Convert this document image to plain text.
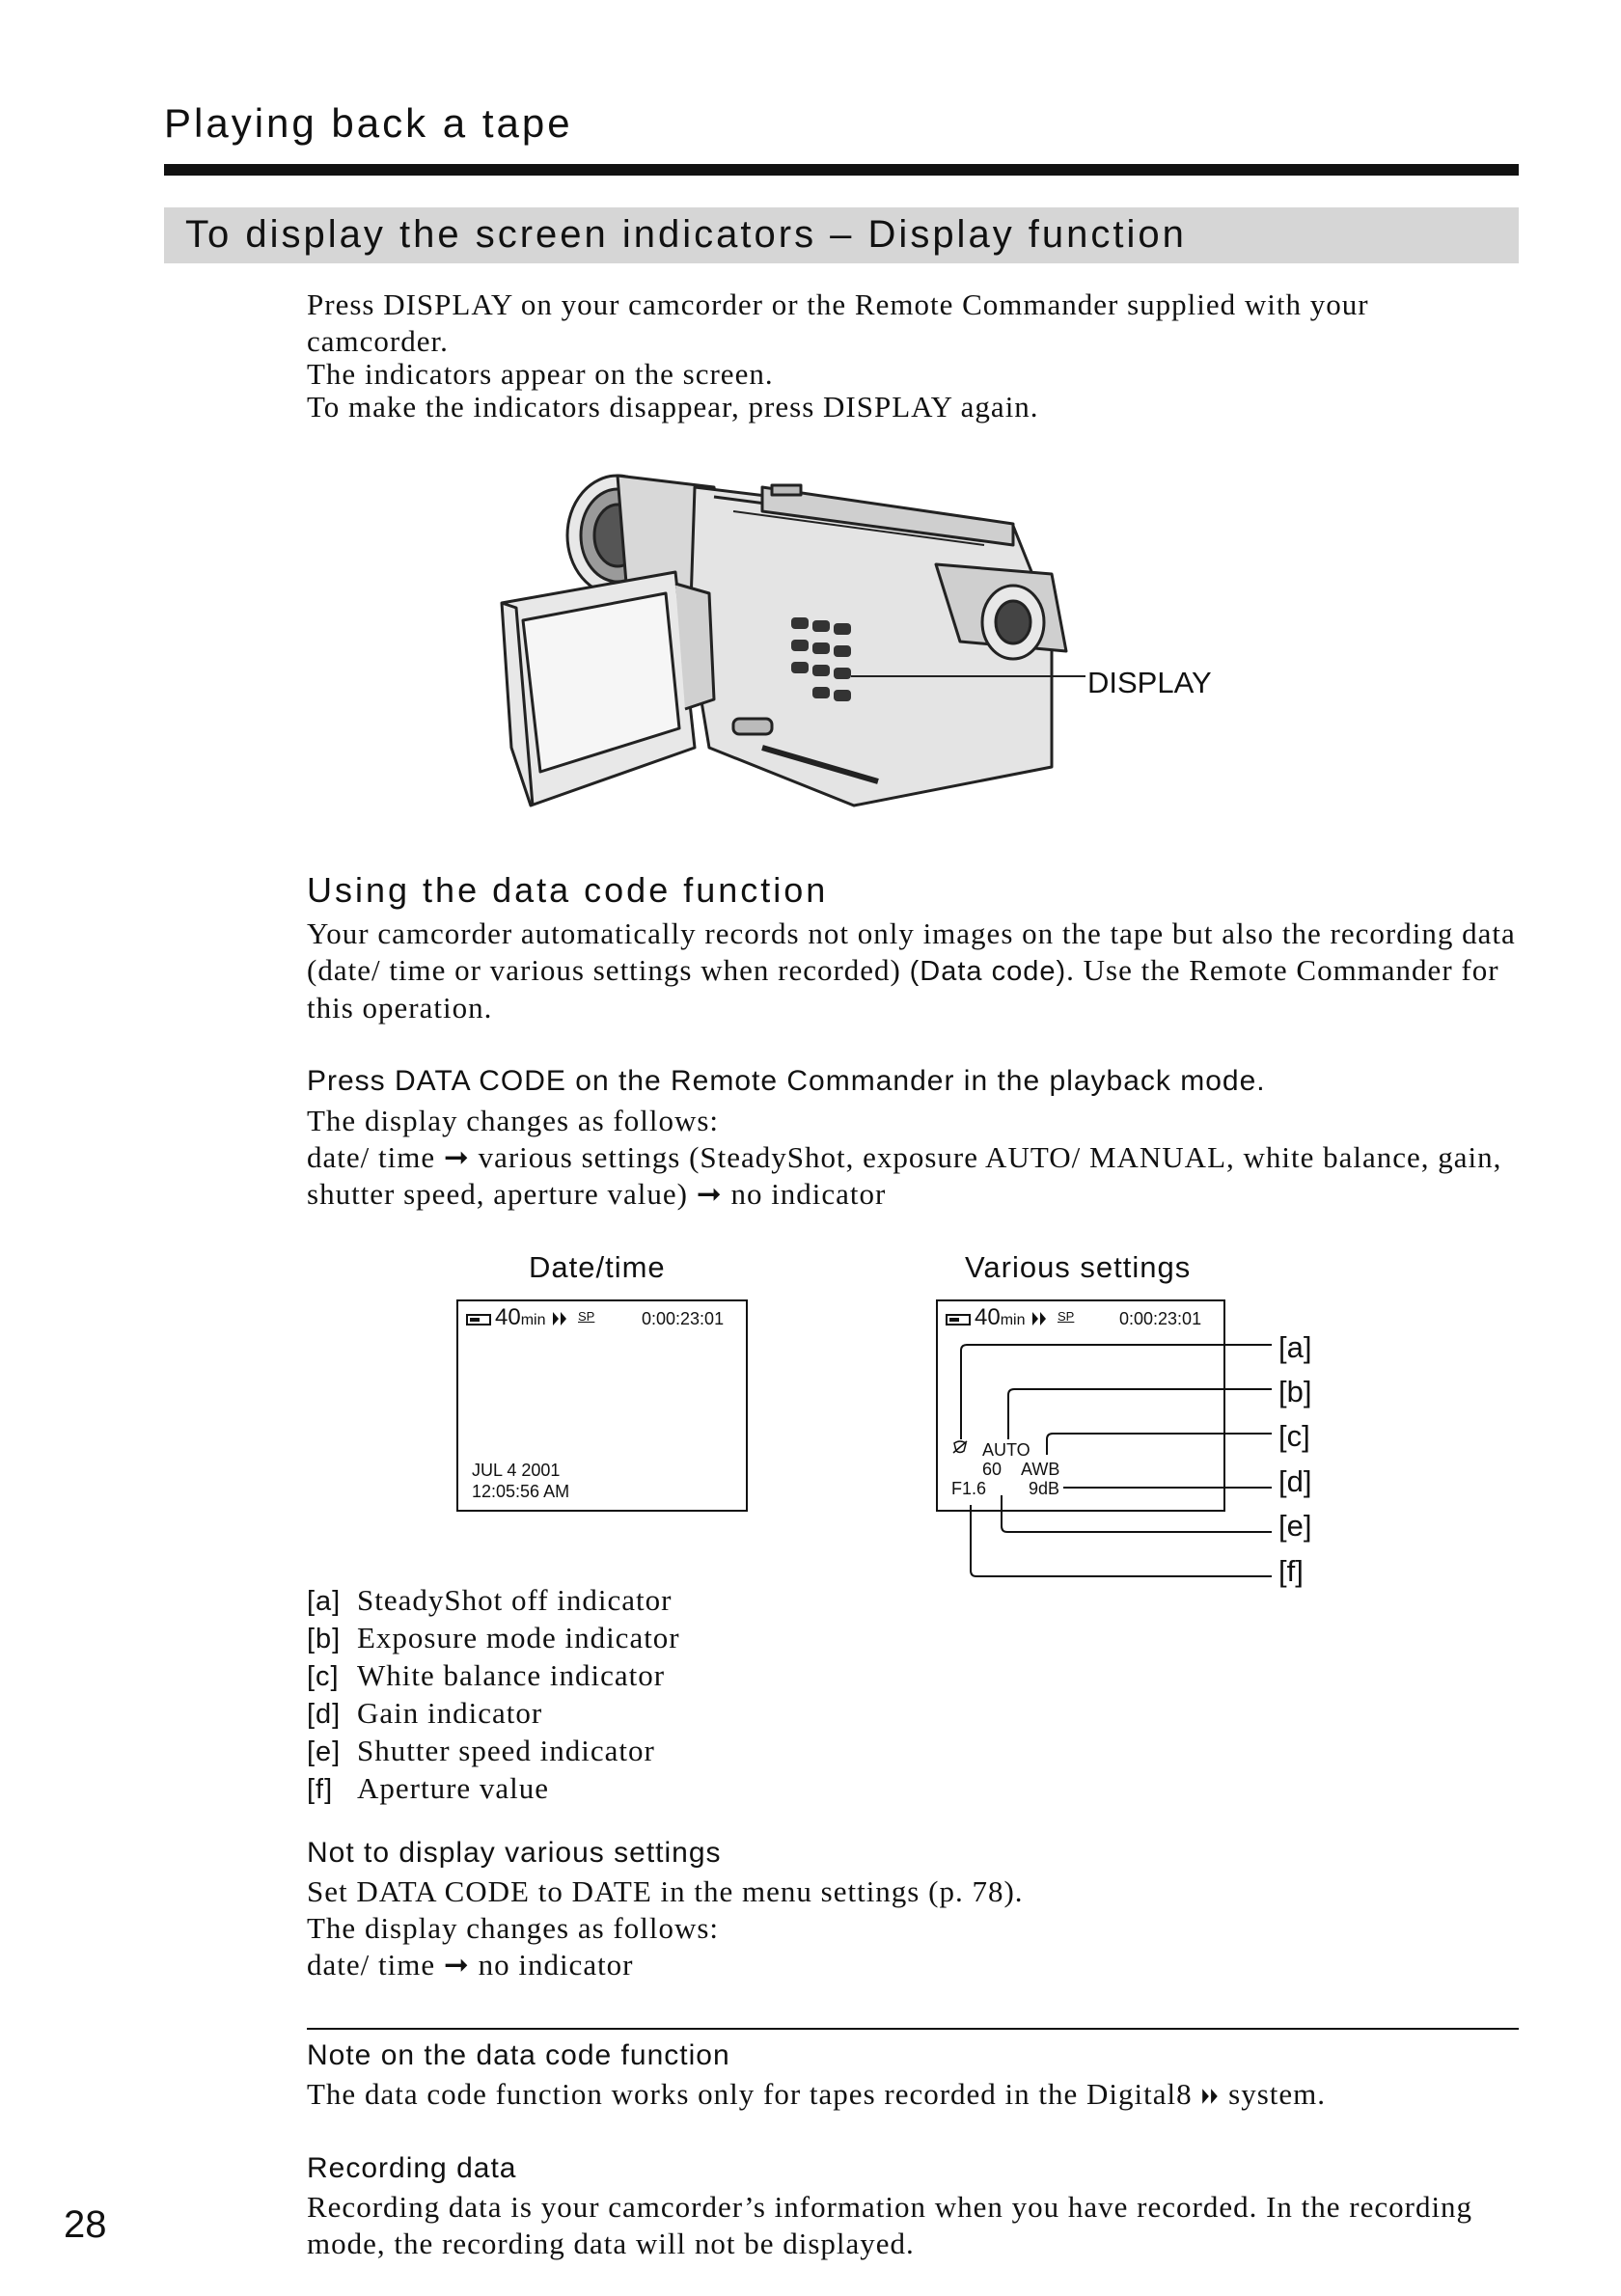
Playing back a tape
To display the screen indicators – Display function

Press DISPLAY on your camcorder or the Remote Commander supplied with your camcorder.

The indicators appear on the screen.

To make the indicators disappear, press DISPLAY again.

DISPLAY
Using the data code function

Your camcorder automatically records not only images on the tape but also the recording data (date/ time or various settings when recorded) (Data code). Use the Remote Commander for this operation.

Press DATA CODE on the Remote Commander in the playback mode.

The display changes as follows:

date/ time ➞ various settings (SteadyShot, exposure AUTO/ MANUAL, white balance, gain, shutter speed, aperture value) ➞ no indicator

Date/time	Various settings
40min	SP	0:00:23:01
JUL 4 2001
12:05:56 AM
40min	SP	0:00:23:01
AUTO
60 AWB
F1.6 9dB
[a]
[b]
[c]
[d]
[e]
[f]
[a] SteadyShot off indicator
[b] Exposure mode indicator
[c] White balance indicator
[d] Gain indicator
[e] Shutter speed indicator
[f] Aperture value
Not to display various settings

Set DATA CODE to DATE in the menu settings (p. 78).

The display changes as follows:

date/ time ➞ no indicator

Note on the data code function

The data code function works only for tapes recorded in the Digital8  system.

Recording data

Recording data is your camcorder’s information when you have recorded. In the recording mode, the recording data will not be displayed.

28
